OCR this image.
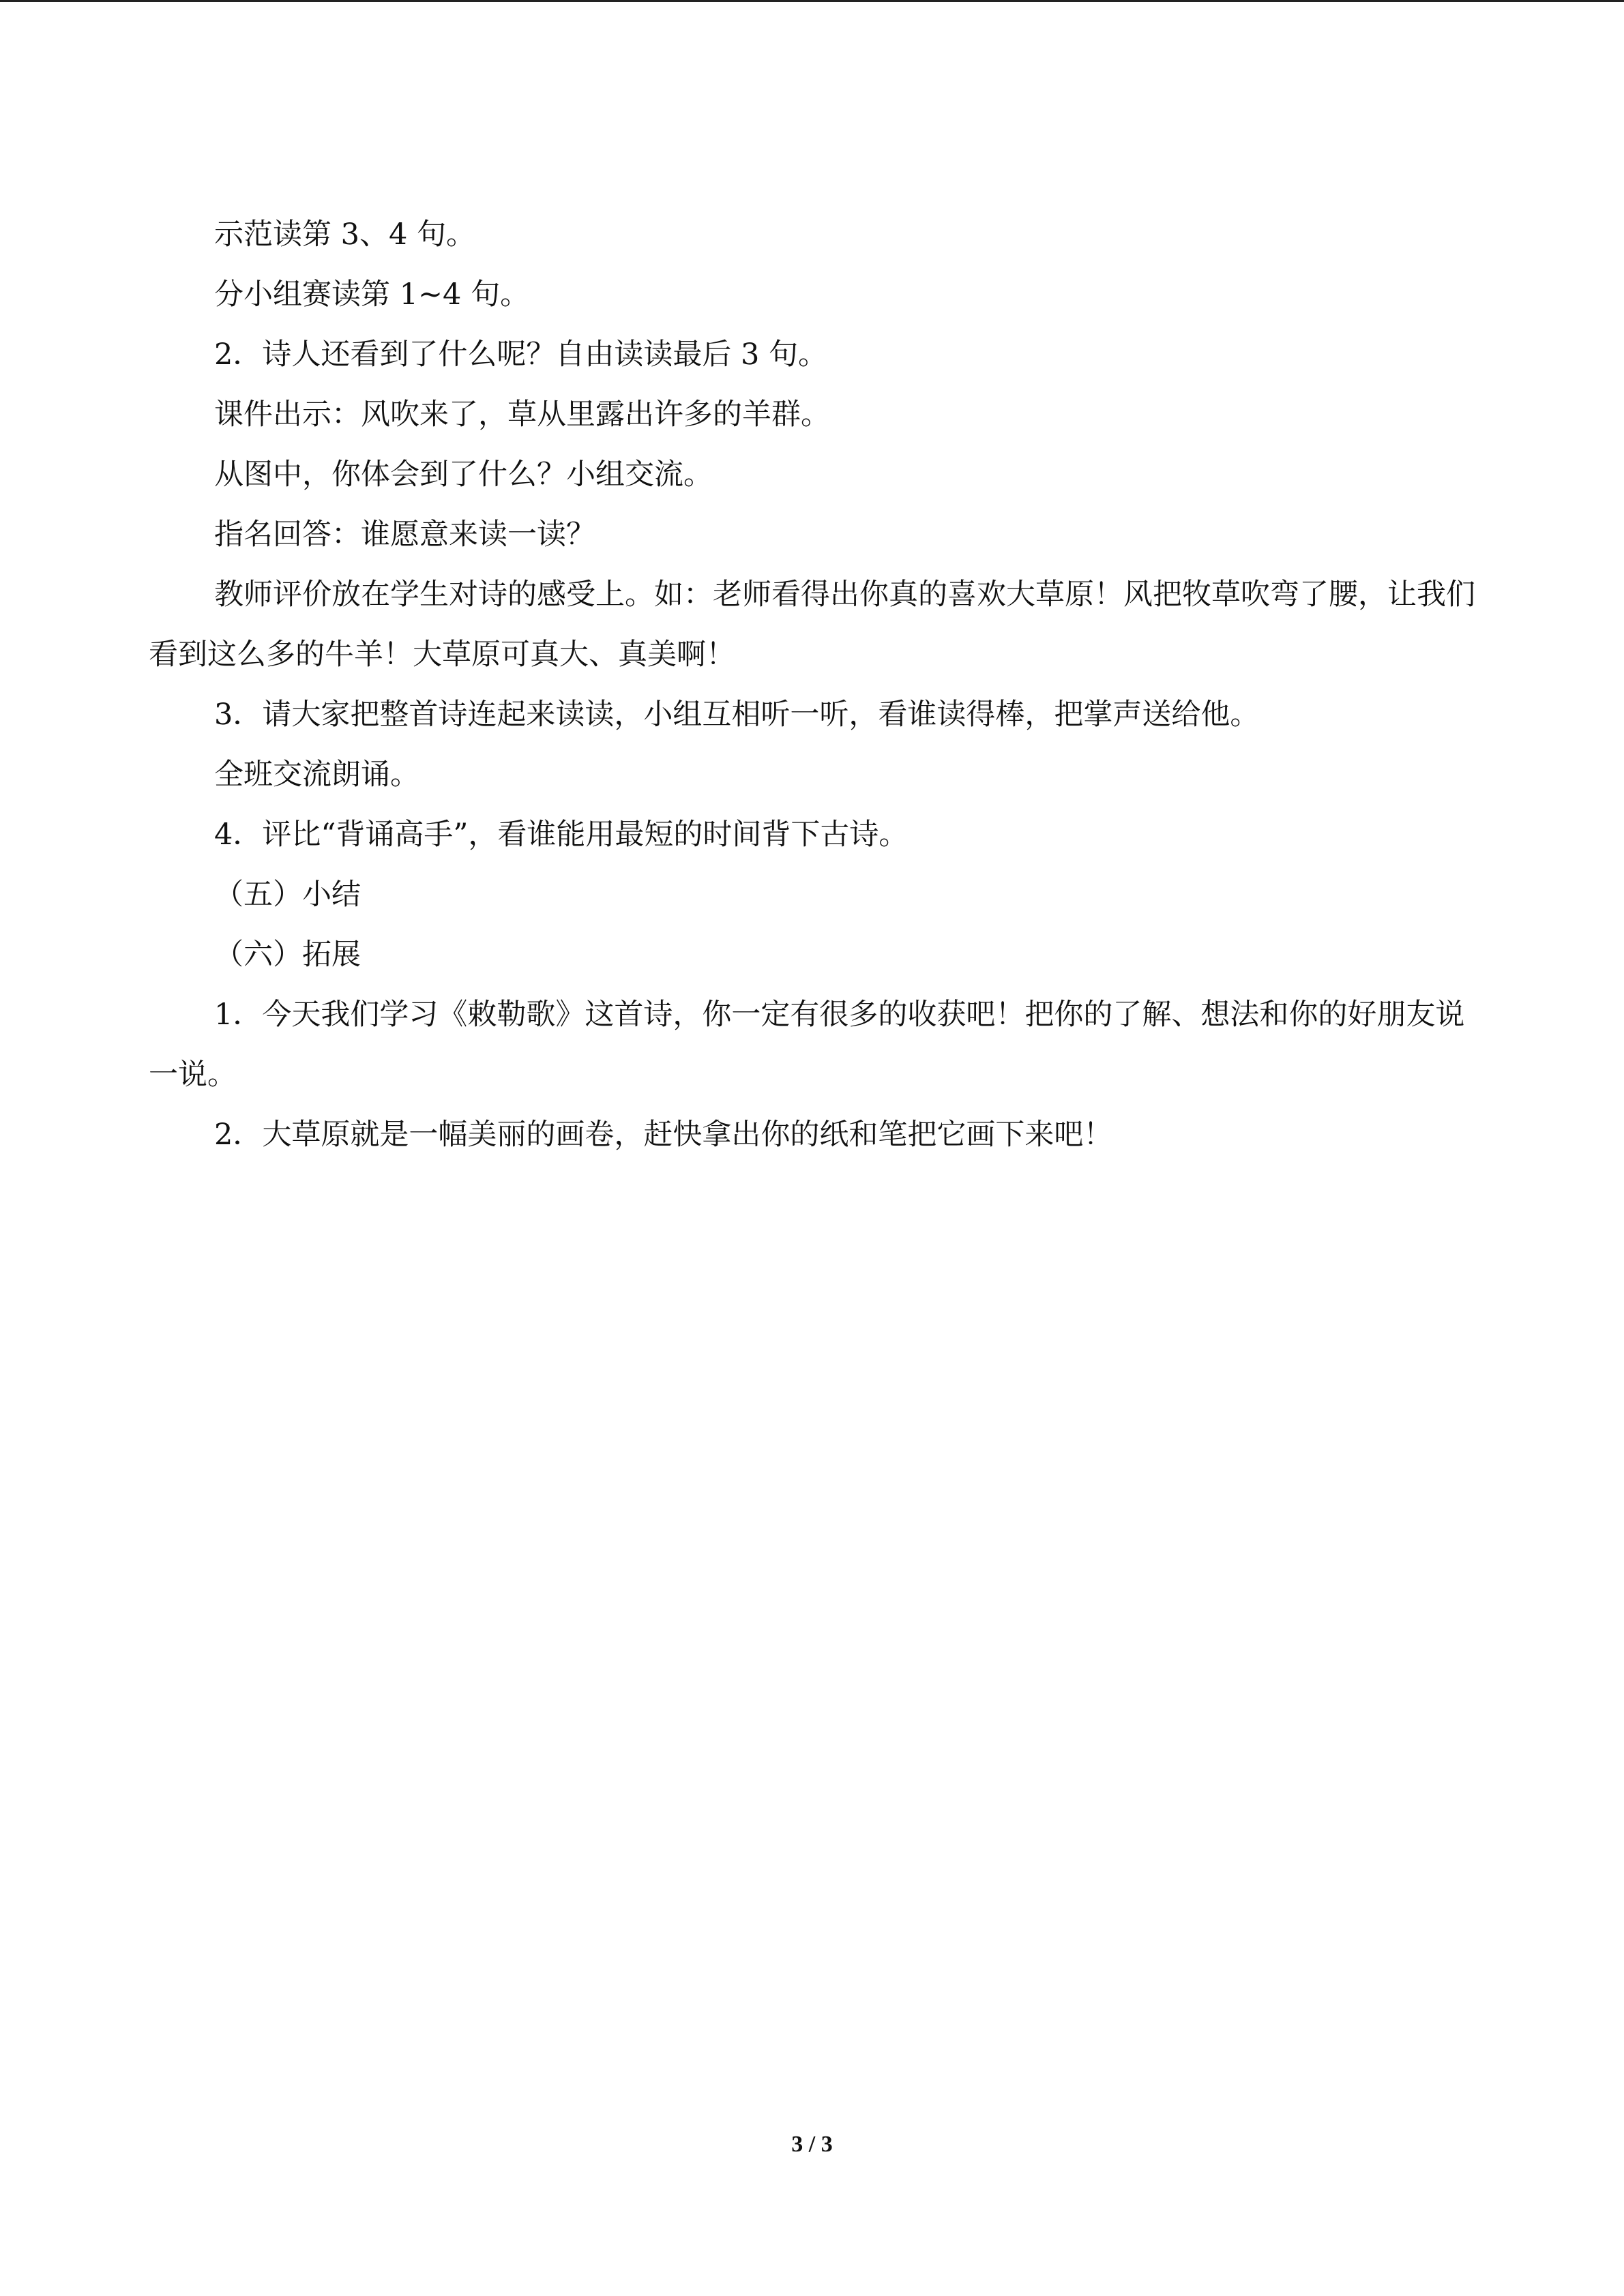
示范读第 3、4 句。

分小组赛读第 1~4 句。

2．诗人还看到了什么呢？自由读读最后 3 句。

课件出示：风吹来了，草从里露出许多的羊群。

从图中，你体会到了什么？小组交流。

指名回答：谁愿意来读一读？

教师评价放在学生对诗的感受上。如：老师看得出你真的喜欢大草原！风把牧草吹弯了腰，让我们看到这么多的牛羊！大草原可真大、真美啊！

3．请大家把整首诗连起来读读，小组互相听一听，看谁读得棒，把掌声送给他。

全班交流朗诵。

4．评比“背诵高手”，看谁能用最短的时间背下古诗。

（五）小结

（六）拓展

1．今天我们学习《敕勒歌》这首诗，你一定有很多的收获吧！把你的了解、想法和你的好朋友说一说。

2．大草原就是一幅美丽的画卷，赶快拿出你的纸和笔把它画下来吧！

3 / 3
